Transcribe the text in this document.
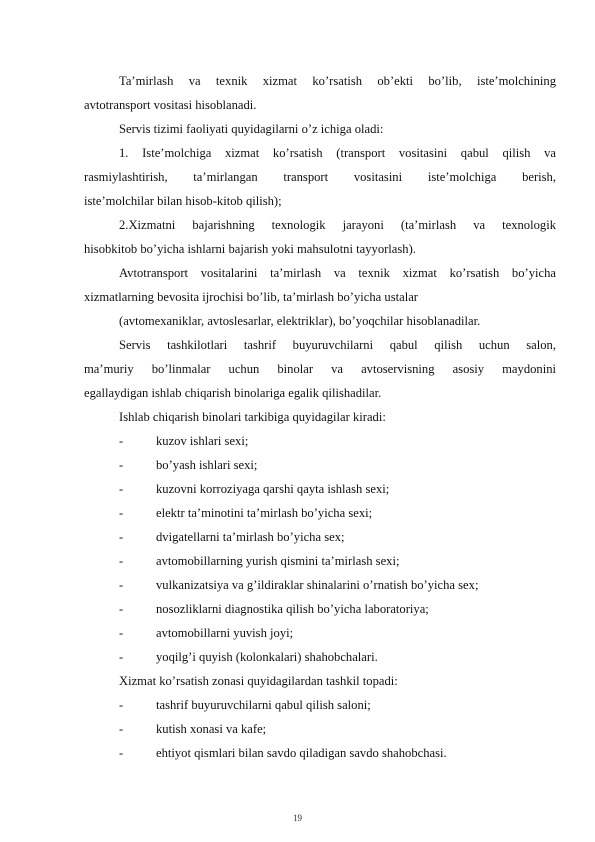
Ta’mirlash va texnik xizmat ko’rsatish ob’ekti bo’lib, iste’molchining
avtotransport vositasi hisoblanadi.
Servis tizimi faoliyati quyidagilarni o’z ichiga oladi:
1. Iste’molchiga xizmat ko’rsatish (transport vositasini qabul qilish va
rasmiylashtirish, ta’mirlangan transport vositasini iste’molchiga berish,
iste’molchilar bilan hisob-kitob qilish);
2.Xizmatni bajarishning texnologik jarayoni (ta’mirlash va texnologik
hisobkitob bo’yicha ishlarni bajarish yoki mahsulotni tayyorlash).
Avtotransport vositalarini ta’mirlash va texnik xizmat ko’rsatish bo’yicha
xizmatlarning bevosita ijrochisi bo’lib, ta’mirlash bo’yicha ustalar
(avtomexaniklar, avtoslesarlar, elektriklar), bo’yoqchilar hisoblanadilar.
Servis tashkilotlari tashrif buyuruvchilarni qabul qilish uchun salon,
ma’muriy bo’linmalar uchun binolar va avtoservisning asosiy maydonini
egallaydigan ishlab chiqarish binolariga egalik qilishadilar.
Ishlab chiqarish binolari tarkibiga quyidagilar kiradi:
-	kuzov ishlari sexi;
-	bo’yash ishlari sexi;
-	kuzovni korroziyaga qarshi qayta ishlash sexi;
-	elektr ta’minotini ta’mirlash bo’yicha sexi;
-	dvigatellarni ta’mirlash bo’yicha sex;
-	avtomobillarning yurish qismini ta’mirlash sexi;
-	vulkanizatsiya va g’ildiraklar shinalarini o’rnatish bo’yicha sex;
-	nosozliklarni diagnostika qilish bo’yicha laboratoriya;
-	avtomobillarni yuvish joyi;
-	yoqilg’i quyish (kolonkalari) shahobchalari.
Xizmat ko’rsatish zonasi quyidagilardan tashkil topadi:
-	tashrif buyuruvchilarni qabul qilish saloni;
-	kutish xonasi va kafe;
-	ehtiyot qismlari bilan savdo qiladigan savdo shahobchasi.
19
